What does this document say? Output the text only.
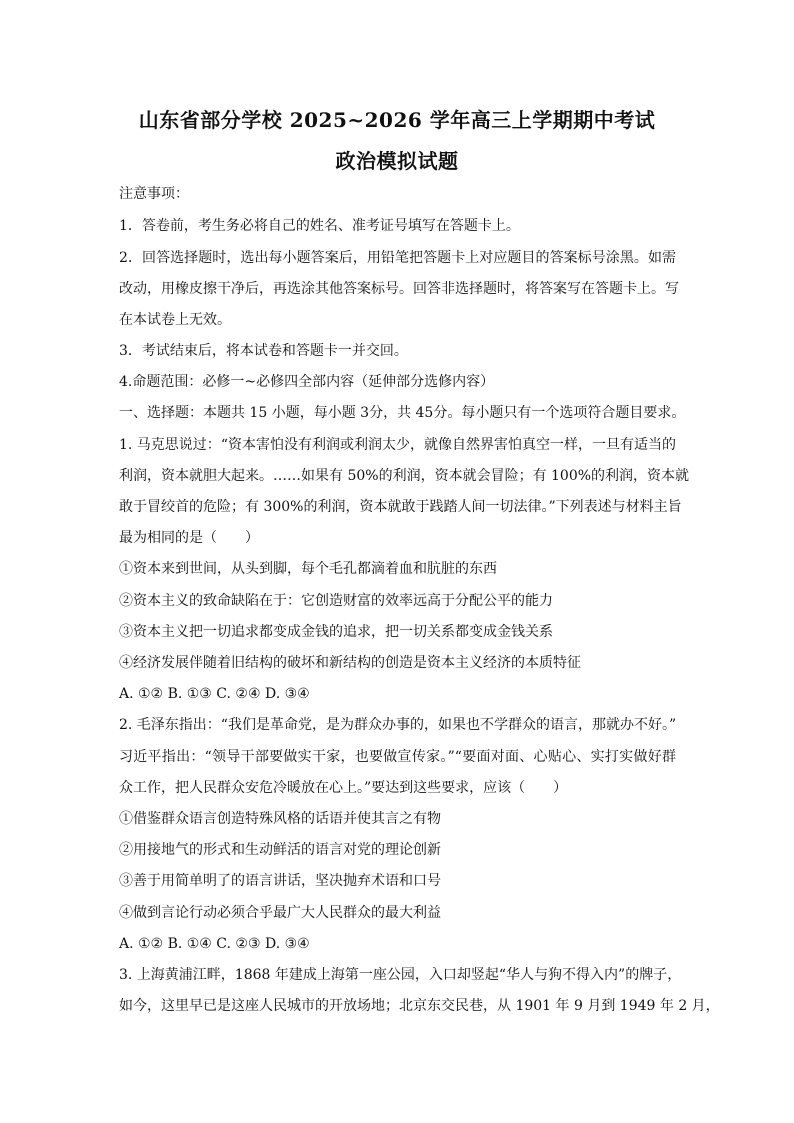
山东省部分学校 2025~2026 学年高三上学期期中考试
政治模拟试题
注意事项：
1．答卷前，考生务必将自己的姓名、准考证号填写在答题卡上。
2．回答选择题时，选出每小题答案后，用铅笔把答题卡上对应题目的答案标号涂黑。如需
改动，用橡皮擦干净后，再选涂其他答案标号。回答非选择题时，将答案写在答题卡上。写
在本试卷上无效。
3．考试结束后，将本试卷和答题卡一并交回。
4.命题范围：必修一~必修四全部内容（延伸部分选修内容）
一、选择题：本题共 15 小题，每小题 3分，共 45分。每小题只有一个选项符合题目要求。
1. 马克思说过：“资本害怕没有利润或利润太少，就像自然界害怕真空一样，一旦有适当的
利润，资本就胆大起来。……如果有 50%的利润，资本就会冒险；有 100%的利润，资本就
敢于冒绞首的危险；有 300%的利润，资本就敢于践踏人间一切法律。”下列表述与材料主旨
最为相同的是（　　）
①资本来到世间，从头到脚，每个毛孔都滴着血和肮脏的东西
②资本主义的致命缺陷在于：它创造财富的效率远高于分配公平的能力
③资本主义把一切追求都变成金钱的追求，把一切关系都变成金钱关系
④经济发展伴随着旧结构的破坏和新结构的创造是资本主义经济的本质特征
A. ①② B. ①③ C. ②④ D. ③④
2. 毛泽东指出：“我们是革命党，是为群众办事的，如果也不学群众的语言，那就办不好。”
习近平指出：“领导干部要做实干家，也要做宣传家。”“要面对面、心贴心、实打实做好群
众工作，把人民群众安危冷暖放在心上。”要达到这些要求，应该（　　）
①借鉴群众语言创造特殊风格的话语并使其言之有物
②用接地气的形式和生动鲜活的语言对党的理论创新
③善于用简单明了的语言讲话，坚决抛弃术语和口号
④做到言论行动必须合乎最广大人民群众的最大利益
A. ①② B. ①④ C. ②③ D. ③④
3. 上海黄浦江畔，1868 年建成上海第一座公园，入口却竖起“华人与狗不得入内”的牌子，
如今，这里早已是这座人民城市的开放场地；北京东交民巷，从 1901 年 9 月到 1949 年 2 月，
